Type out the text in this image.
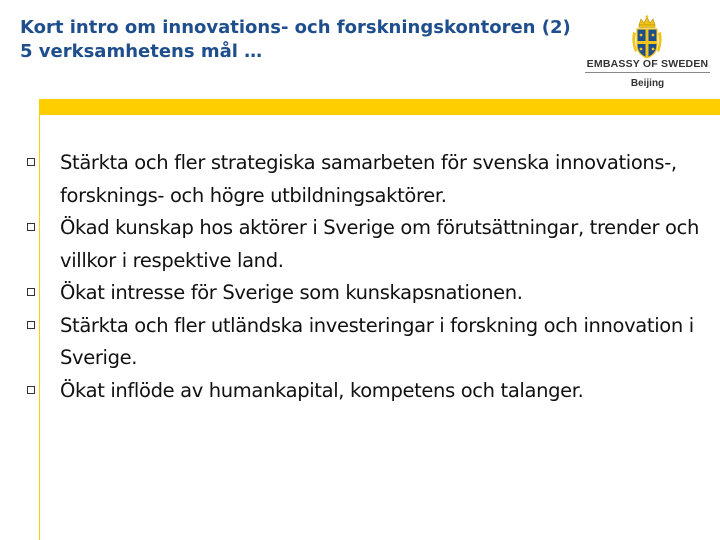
Kort intro om innovations- och forskningskontoren (2)
5 verksamhetens mål …
EMBASSY OF SWEDEN
Beijing
Stärkta och fler strategiska samarbeten för svenska innovations-, forsknings- och högre utbildningsaktörer.
Ökad kunskap hos aktörer i Sverige om förutsättningar, trender och villkor i respektive land.
Ökat intresse för Sverige som kunskapsnationen.
Stärkta och fler utländska investeringar i forskning och innovation i Sverige.
Ökat inflöde av humankapital, kompetens och talanger.
